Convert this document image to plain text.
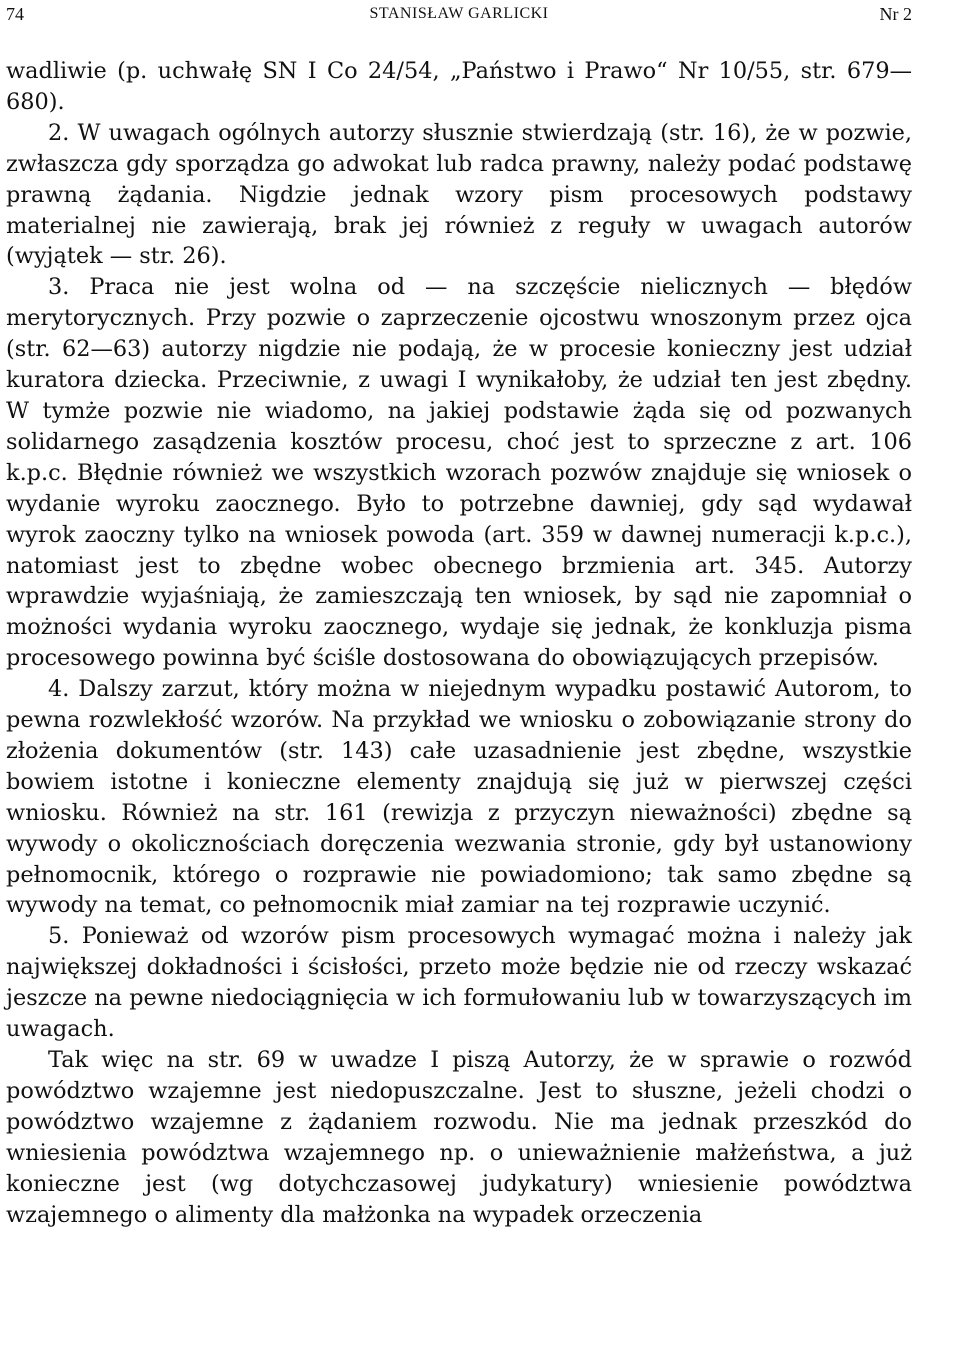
74	STANISŁAW GARLICKI	Nr 2

wadliwie (p. uchwałę SN I Co 24/54, „Państwo i Prawo“ Nr 10/55, str. 679—680).

2. W uwagach ogólnych autorzy słusznie stwierdzają (str. 16), że w pozwie, zwłaszcza gdy sporządza go adwokat lub radca prawny, należy podać podstawę prawną żądania. Nigdzie jednak wzory pism procesowych podstawy materialnej nie zawierają, brak jej również z reguły w uwagach autorów (wyjątek — str. 26).

3. Praca nie jest wolna od — na szczęście nielicznych — błędów merytorycznych. Przy pozwie o zaprzeczenie ojcostwu wnoszonym przez ojca (str. 62—63) autorzy nigdzie nie podają, że w procesie konieczny jest udział kuratora dziecka. Przeciwnie, z uwagi I wynikałoby, że udział ten jest zbędny. W tymże pozwie nie wiadomo, na jakiej podstawie żąda się od pozwanych solidarnego zasądzenia kosztów procesu, choć jest to sprzeczne z art. 106 k.p.c. Błędnie również we wszystkich wzorach pozwów znajduje się wniosek o wydanie wyroku zaocznego. Było to potrzebne dawniej, gdy sąd wydawał wyrok zaoczny tylko na wniosek powoda (art. 359 w dawnej numeracji k.p.c.), natomiast jest to zbędne wobec obecnego brzmienia art. 345. Autorzy wprawdzie wyjaśniają, że zamieszczają ten wniosek, by sąd nie zapomniał o możności wydania wyroku zaocznego, wydaje się jednak, że konkluzja pisma procesowego powinna być ściśle dostosowana do obowiązujących przepisów.

4. Dalszy zarzut, który można w niejednym wypadku postawić Autorom, to pewna rozwlekłość wzorów. Na przykład we wniosku o zobowiązanie strony do złożenia dokumentów (str. 143) całe uzasadnienie jest zbędne, wszystkie bowiem istotne i konieczne elementy znajdują się już w pierwszej części wniosku. Również na str. 161 (rewizja z przyczyn nieważności) zbędne są wywody o okolicznościach doręczenia wezwania stronie, gdy był ustanowiony pełnomocnik, którego o rozprawie nie powiadomiono; tak samo zbędne są wywody na temat, co pełnomocnik miał zamiar na tej rozprawie uczynić.

5. Ponieważ od wzorów pism procesowych wymagać można i należy jak największej dokładności i ścisłości, przeto może będzie nie od rzeczy wskazać jeszcze na pewne niedociągnięcia w ich formułowaniu lub w towarzyszących im uwagach.

Tak więc na str. 69 w uwadze I piszą Autorzy, że w sprawie o rozwód powództwo wzajemne jest niedopuszczalne. Jest to słuszne, jeżeli chodzi o powództwo wzajemne z żądaniem rozwodu. Nie ma jednak przeszkód do wniesienia powództwa wzajemnego np. o unieważnienie małżeństwa, a już konieczne jest (wg dotychczasowej judykatury) wniesienie powództwa wzajemnego o alimenty dla małżonka na wypadek orzeczenia
